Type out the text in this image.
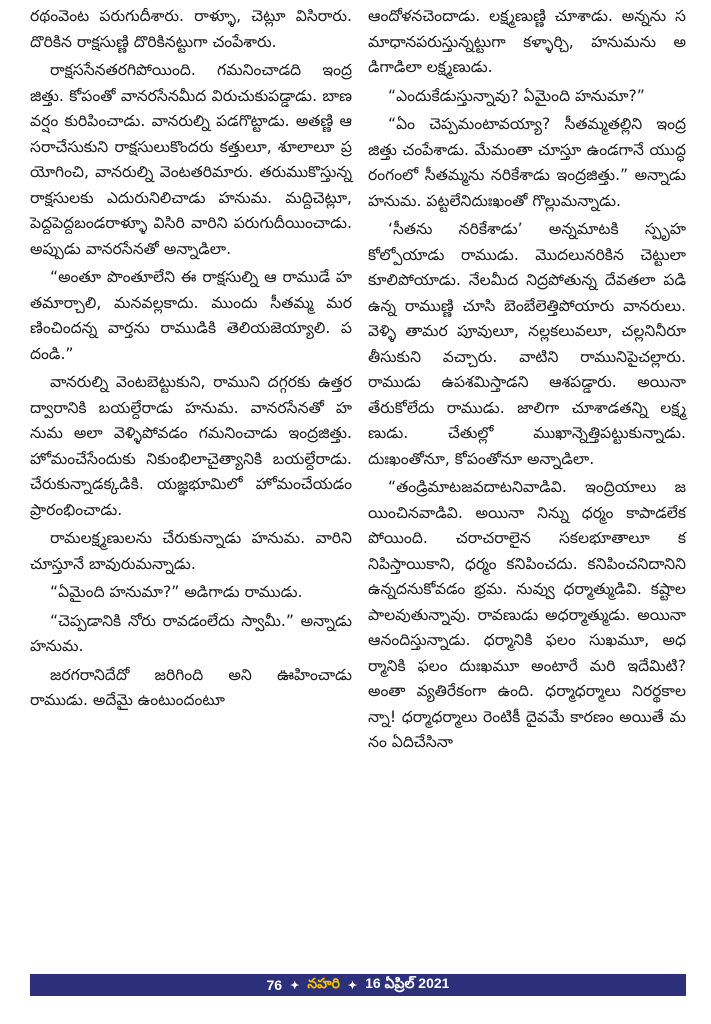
రథంవెంట పరుగుదీశారు. రాళ్ళూ, చెట్లూ విసిరారు. దొరికిన రాక్షసుణ్ణి దొరికినట్టుగా చంపేశారు.

రాక్షససేనతరగిపోయింది. గమనించాడది ఇంద్రజిత్తు. కోపంతో వానరసేనమీద విరుచుకుపడ్డాడు. బాణవర్షం కురిపించాడు. వానరుల్ని పడగొట్టాడు. అతణ్ణి ఆసరాచేసుకుని రాక్షసులుకొందరు కత్తులూ, శూలాలూ ప్రయోగించి, వానరుల్ని వెంటతరిమారు. తరుముకొస్తున్న రాక్షసులకు ఎదురునిలిచాడు హనుమ. మద్దిచెట్లూ, పెద్దపెద్దబండరాళ్ళూ విసిరి వారిని పరుగుదీయించాడు. అప్పుడు వానరసేనతో అన్నాడిలా.

“అంతూ పొంతూలేని ఈ రాక్షసుల్ని ఆ రాముడే హతమార్చాలి, మనవల్లకాదు. ముందు సీతమ్మ మరణించిందన్న వార్తను రాముడికి తెలియజెయ్యాలి. పదండి.”

వానరుల్ని వెంటబెట్టుకుని, రాముని దగ్గరకు ఉత్తరద్వారానికి బయల్దేరాడు హనుమ. వానరసేనతో హనుమ అలా వెళ్ళిపోవడం గమనించాడు ఇంద్రజిత్తు. హోమంచేసేందుకు నికుంభిలాచైత్యానికి బయల్దేరాడు. చేరుకున్నాడక్కడికి. యజ్ఞభూమిలో హోమంచేయడం ప్రారంభించాడు.

రామలక్ష్మణులను చేరుకున్నాడు హనుమ. వారిని చూస్తూనే బావురుమన్నాడు.

“ఏమైంది హనుమా?” అడిగాడు రాముడు.

“చెప్పడానికి నోరు రావడంలేదు స్వామీ.” అన్నాడు హనుమ.

జరగరానిదేదో జరిగింది అని ఊహించాడు రాముడు. అదేమై ఉంటుందంటూ

ఆందోళనచెందాడు. లక్ష్మణుణ్ణి చూశాడు. అన్నను సమాధానపరుస్తున్నట్టుగా కళ్ళార్చి, హనుమను అడిగాడిలా లక్ష్మణుడు.

“ఎందుకేడుస్తున్నావు? ఏమైంది హనుమా?”

“ఏం చెప్పమంటావయ్యా? సీతమ్మతల్లిని ఇంద్రజిత్తు చంపేశాడు. మేమంతా చూస్తూ ఉండగానే యుద్ధరంగంలో సీతమ్మను నరికేశాడు ఇంద్రజిత్తు.” అన్నాడు హనుమ. పట్టలేనిదుఃఖంతో గొల్లుమన్నాడు.

‘సీతను నరికేశాడు’ అన్నమాటకి స్పృహ కోల్పోయాడు రాముడు. మొదలునరికిన చెట్టులా కూలిపోయాడు. నేలమీద నిద్రపోతున్న దేవతలా పడి ఉన్న రాముణ్ణి చూసి బెంబేలెత్తిపోయారు వానరులు. వెళ్ళి తామర పూవులూ, నల్లకలువలూ, చల్లనినీరూ తీసుకుని వచ్చారు. వాటిని రామునిపైచల్లారు. రాముడు ఉపశమిస్తాడని ఆశపడ్డారు. అయినా తేరుకోలేదు రాముడు. జాలిగా చూశాడతన్ని లక్ష్మణుడు. చేతుల్లో ముఖాన్నెత్తిపట్టుకున్నాడు. దుఃఖంతోనూ, కోపంతోనూ అన్నాడిలా.

“తండ్రిమాటజవదాటనివాడివి. ఇంద్రియాలు జయించినవాడివి. అయినా నిన్ను ధర్మం కాపాడలేకపోయింది. చరాచరాలైన సకలభూతాలూ కనిపిస్తాయికాని, ధర్మం కనిపించదు. కనిపించనిదానిని ఉన్నదనుకోవడం భ్రమ. నువ్వు ధర్మాత్ముడివి. కష్టాల పాలవుతున్నావు. రావణుడు అధర్మాత్ముడు. అయినా ఆనందిస్తున్నాడు. ధర్మానికి ఫలం సుఖమూ, అధర్మానికి ఫలం దుఃఖమూ అంటారే మరి ఇదేమిటి? అంతా వ్యతిరేకంగా ఉంది. ధర్మాధర్మాలు నిరర్థకాలన్నా! ధర్మాధర్మాలు రెంటికీ దైవమే కారణం అయితే మనం ఏదిచేసినా

76 ✦ నహరి ✦ 16 ఏప్రిల్ 2021
